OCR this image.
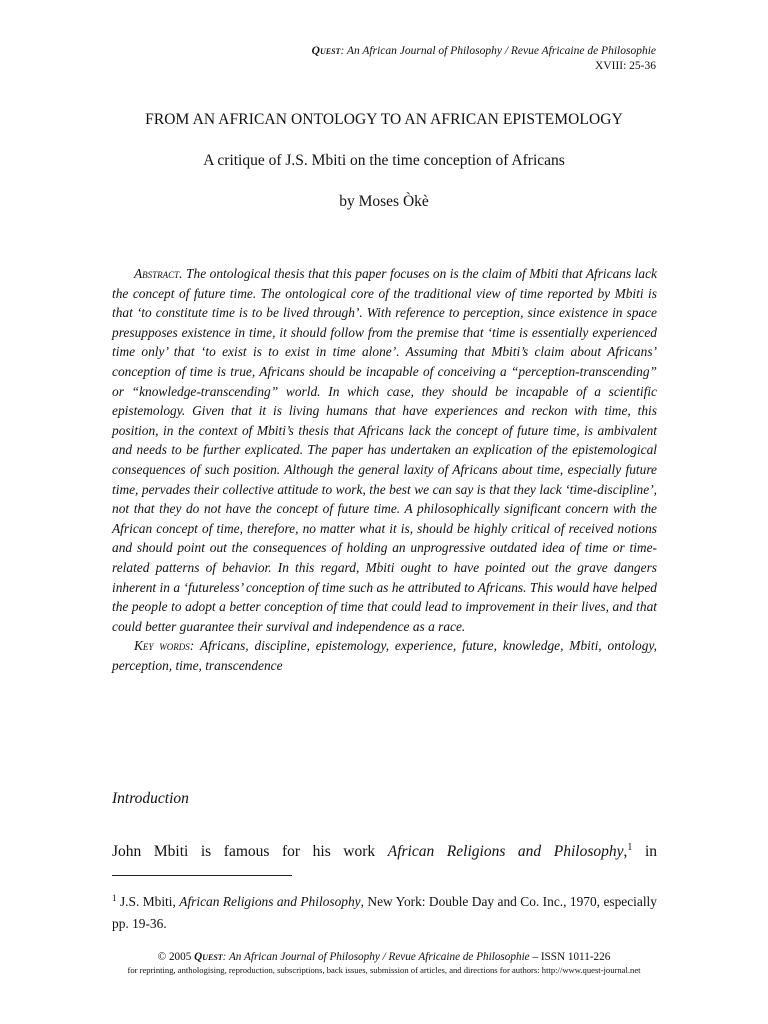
Quest: An African Journal of Philosophy / Revue Africaine de Philosophie
XVIII: 25-36
FROM AN AFRICAN ONTOLOGY TO AN AFRICAN EPISTEMOLOGY
A critique of J.S. Mbiti on the time conception of Africans
by Moses Òkè

Abstract. The ontological thesis that this paper focuses on is the claim of Mbiti that Africans lack the concept of future time. The ontological core of the traditional view of time reported by Mbiti is that ‘to constitute time is to be lived through’. With reference to perception, since existence in space presupposes existence in time, it should follow from the premise that ‘time is essentially experienced time only’ that ‘to exist is to exist in time alone’. Assuming that Mbiti’s claim about Africans’ conception of time is true, Africans should be incapable of conceiving a “perception-transcending” or “knowledge-transcending” world. In which case, they should be incapable of a scientific epistemology. Given that it is living humans that have experiences and reckon with time, this position, in the context of Mbiti’s thesis that Africans lack the concept of future time, is ambivalent and needs to be further explicated. The paper has undertaken an explication of the epistemological consequences of such position. Although the general laxity of Africans about time, especially future time, pervades their collective attitude to work, the best we can say is that they lack ‘time-discipline’, not that they do not have the concept of future time. A philosophically significant concern with the African concept of time, therefore, no matter what it is, should be highly critical of received notions and should point out the consequences of holding an unprogressive outdated idea of time or time-related patterns of behavior. In this regard, Mbiti ought to have pointed out the grave dangers inherent in a ‘futureless’ conception of time such as he attributed to Africans. This would have helped the people to adopt a better conception of time that could lead to improvement in their lives, and that could better guarantee their survival and independence as a race.

Key words: Africans, discipline, epistemology, experience, future, knowledge, Mbiti, ontology, perception, time, transcendence

Introduction
John Mbiti is famous for his work African Religions and Philosophy,$^1$ in
$^1$ J.S. Mbiti, African Religions and Philosophy, New York: Double Day and Co. Inc., 1970, especially pp. 19-36.
© 2005 Quest: An African Journal of Philosophy / Revue Africaine de Philosophie – ISSN 1011-226
for reprinting, anthologising, reproduction, subscriptions, back issues, submission of articles, and directions for authors: http://www.quest-journal.net
